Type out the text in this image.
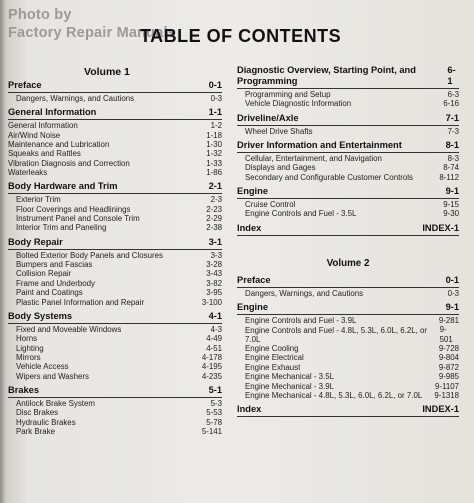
Photo by
Factory Repair Manuals
TABLE OF CONTENTS
Volume 1
Preface	0-1
Dangers, Warnings, and Cautions	0-3
General Information	1-1
General Information	1-2
Air/Wind Noise	1-18
Maintenance and Lubrication	1-30
Squeaks and Rattles	1-32
Vibration Diagnosis and Correction	1-33
Waterleaks	1-86
Body Hardware and Trim	2-1
Exterior Trim	2-3
Floor Coverings and Headlinings	2-23
Instrument Panel and Console Trim	2-29
Interior Trim and Paneling	2-38
Body Repair	3-1
Bolted Exterior Body Panels and Closures	3-3
Bumpers and Fascias	3-28
Collision Repair	3-43
Frame and Underbody	3-82
Paint and Coatings	3-95
Plastic Panel Information and Repair	3-100
Body Systems	4-1
Fixed and Moveable Windows	4-3
Horns	4-49
Lighting	4-51
Mirrors	4-178
Vehicle Access	4-195
Wipers and Washers	4-235
Brakes	5-1
Antilock Brake System	5-3
Disc Brakes	5-53
Hydraulic Brakes	5-78
Park Brake	5-141
Diagnostic Overview, Starting Point, and Programming
6-1
Programming and Setup	6-3
Vehicle Diagnostic Information	6-16
Driveline/Axle	7-1
Wheel Drive Shafts	7-3
Driver Information and Entertainment	8-1
Cellular, Entertainment, and Navigation	8-3
Displays and Gages	8-74
Secondary and Configurable Customer Controls	8-112
Engine	9-1
Cruise Control	9-15
Engine Controls and Fuel - 3.5L	9-30
Index	INDEX-1
Volume 2
Preface	0-1
Dangers, Warnings, and Cautions	0-3
Engine	9-1
Engine Controls and Fuel - 3.9L	9-281
Engine Controls and Fuel - 4.8L, 5.3L, 6.0L, 6.2L, or 7.0L
9-501
Engine Cooling	9-728
Engine Electrical	9-804
Engine Exhaust	9-872
Engine Mechanical - 3.5L	9-985
Engine Mechanical - 3.9L	9-1107
Engine Mechanical - 4.8L, 5.3L, 6.0L, 6.2L, or 7.0L	9-1318
Index	INDEX-1
